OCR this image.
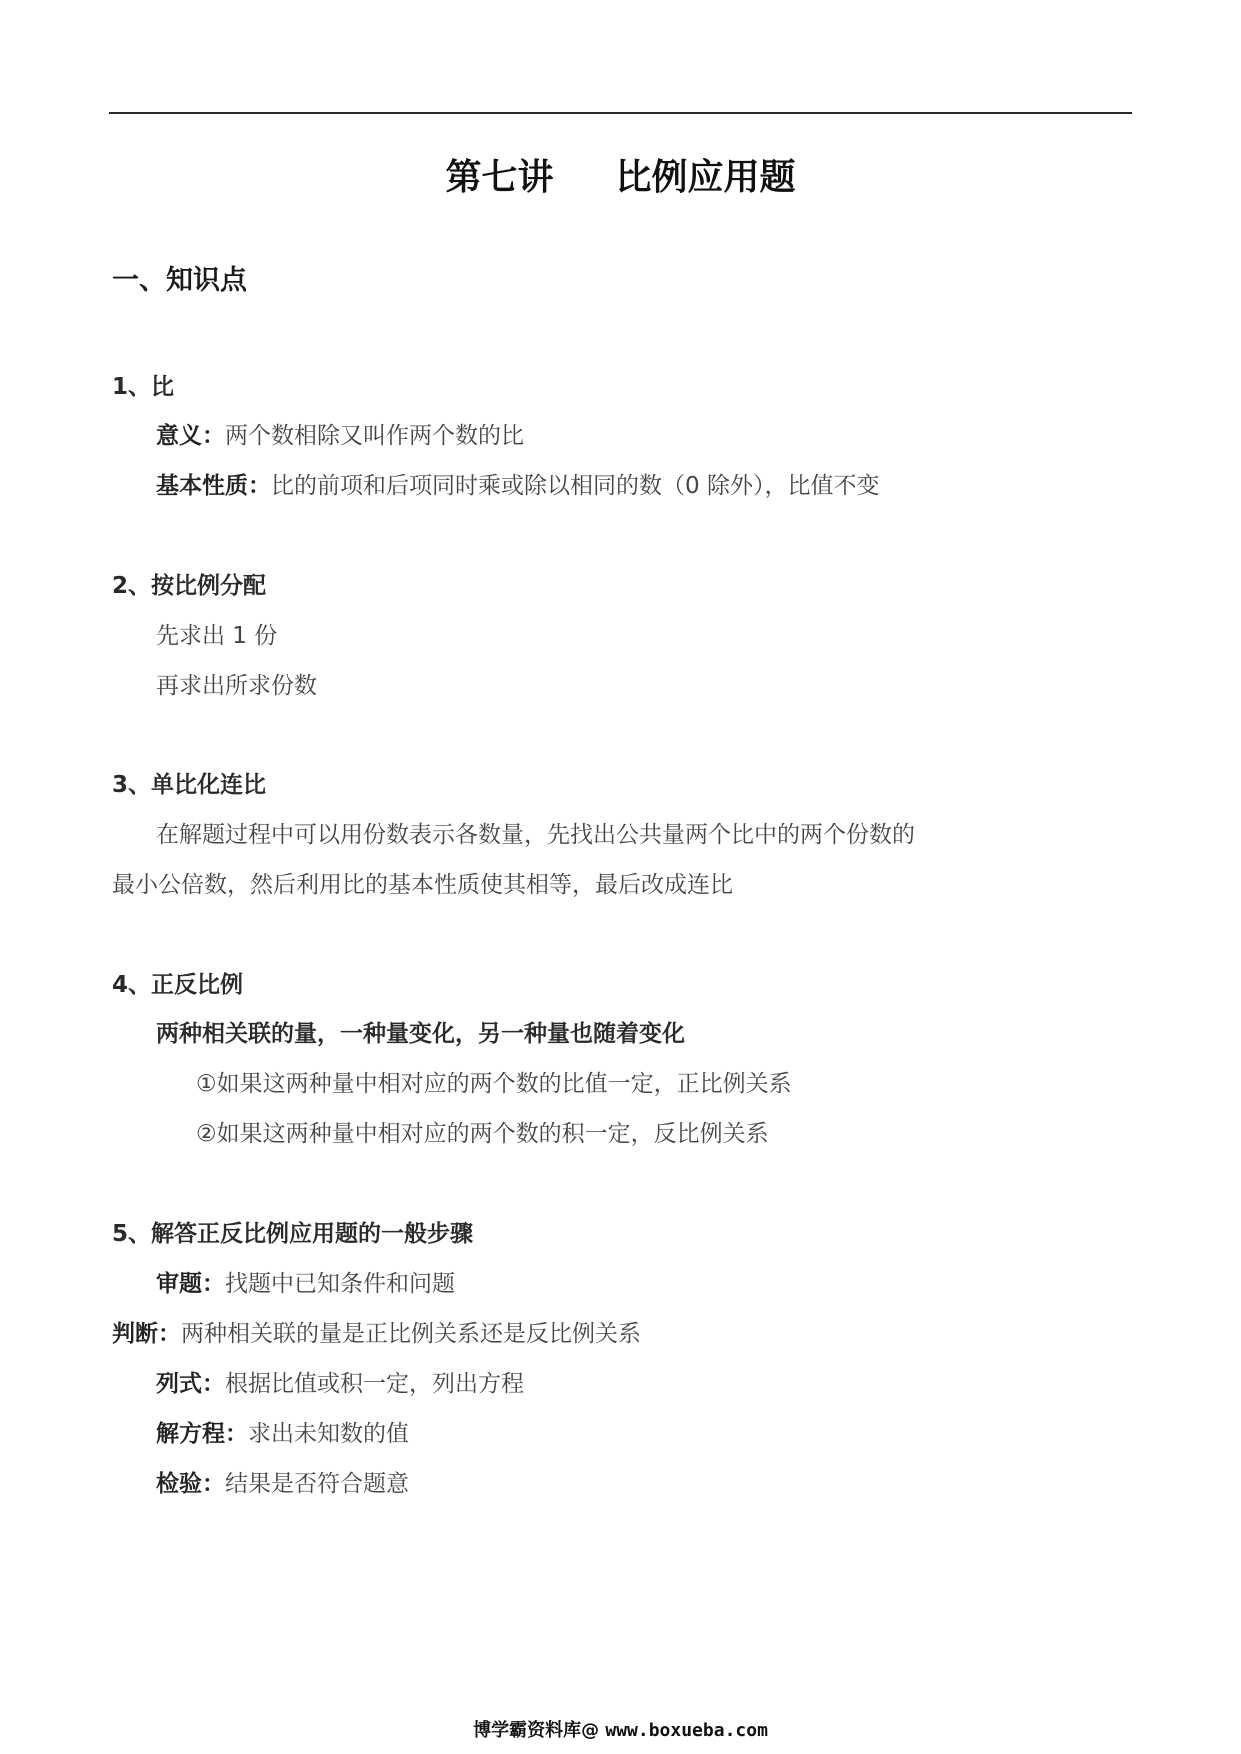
第七讲 比例应用题
一、知识点
1、比
意义：两个数相除又叫作两个数的比
基本性质：比的前项和后项同时乘或除以相同的数（0 除外），比值不变
2、按比例分配
先求出 1 份
再求出所求份数
3、单比化连比
在解题过程中可以用份数表示各数量，先找出公共量两个比中的两个份数的
最小公倍数，然后利用比的基本性质使其相等，最后改成连比
4、正反比例
两种相关联的量，一种量变化，另一种量也随着变化
①如果这两种量中相对应的两个数的比值一定，正比例关系
②如果这两种量中相对应的两个数的积一定，反比例关系
5、解答正反比例应用题的一般步骤
审题：找题中已知条件和问题
判断：两种相关联的量是正比例关系还是反比例关系
列式：根据比值或积一定，列出方程
解方程：求出未知数的值
检验：结果是否符合题意
博学霸资料库@ www.boxueba.com
